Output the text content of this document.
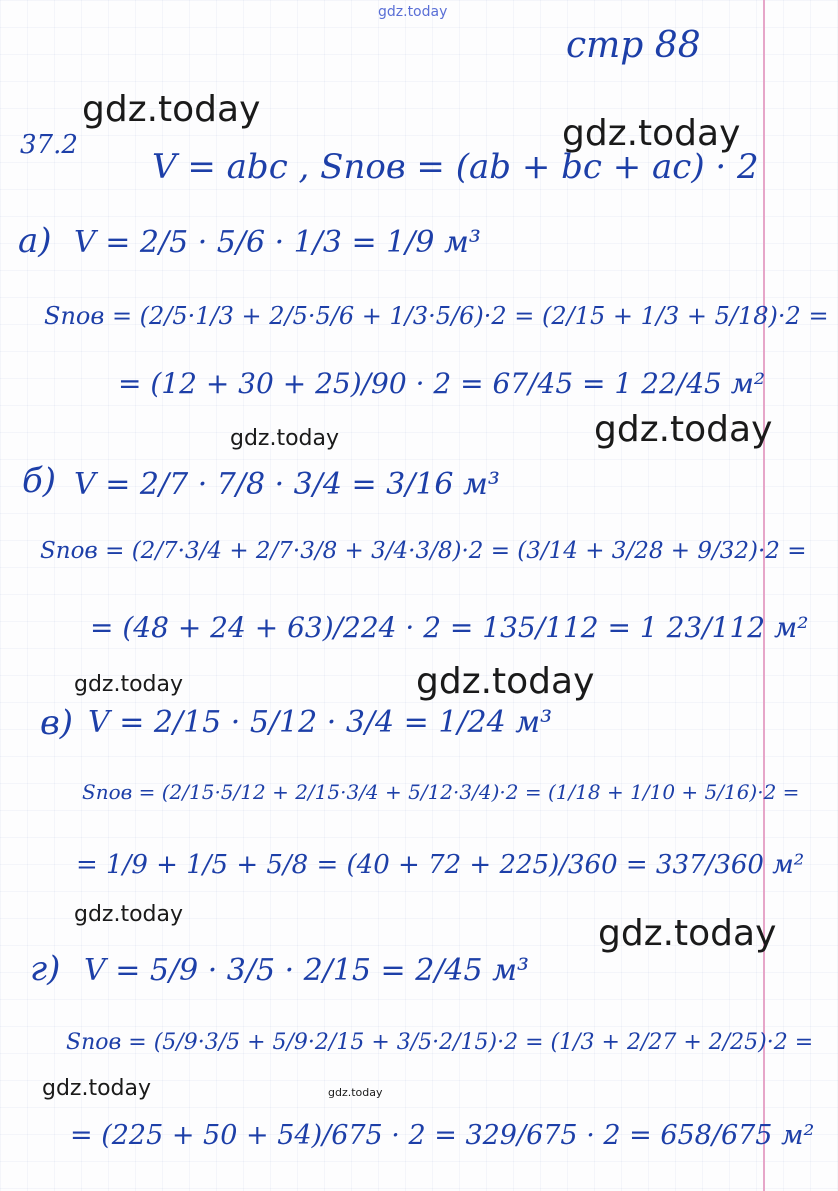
gdz.today
gdz.today
gdz.today
gdz.today	gdz.today
gdz.today	gdz.today
gdz.today	gdz.today
gdz.today	gdz.today
стр 88
37.2
V = abc , Sпов = (ab + bc + ac) · 2
а) V = 2/5 · 5/6 · 1/3 = 1/9 м³
Sпов = (2/5·1/3 + 2/5·5/6 + 1/3·5/6)·2 = (2/15 + 1/3 + 5/18)·2 =
= (12 + 30 + 25)/90 · 2 = 67/45 = 1 22/45 м²
б) V = 2/7 · 7/8 · 3/4 = 3/16 м³
Sпов = (2/7·3/4 + 2/7·3/8 + 3/4·3/8)·2 = (3/14 + 3/28 + 9/32)·2 =
= (48 + 24 + 63)/224 · 2 = 135/112 = 1 23/112 м²
в) V = 2/15 · 5/12 · 3/4 = 1/24 м³
Sпов = (2/15·5/12 + 2/15·3/4 + 5/12·3/4)·2 = (1/18 + 1/10 + 5/16)·2 =
= 1/9 + 1/5 + 5/8 = (40 + 72 + 225)/360 = 337/360 м²
г) V = 5/9 · 3/5 · 2/15 = 2/45 м³
Sпов = (5/9·3/5 + 5/9·2/15 + 3/5·2/15)·2 = (1/3 + 2/27 + 2/25)·2 =
= (225 + 50 + 54)/675 · 2 = 329/675 · 2 = 658/675 м²
